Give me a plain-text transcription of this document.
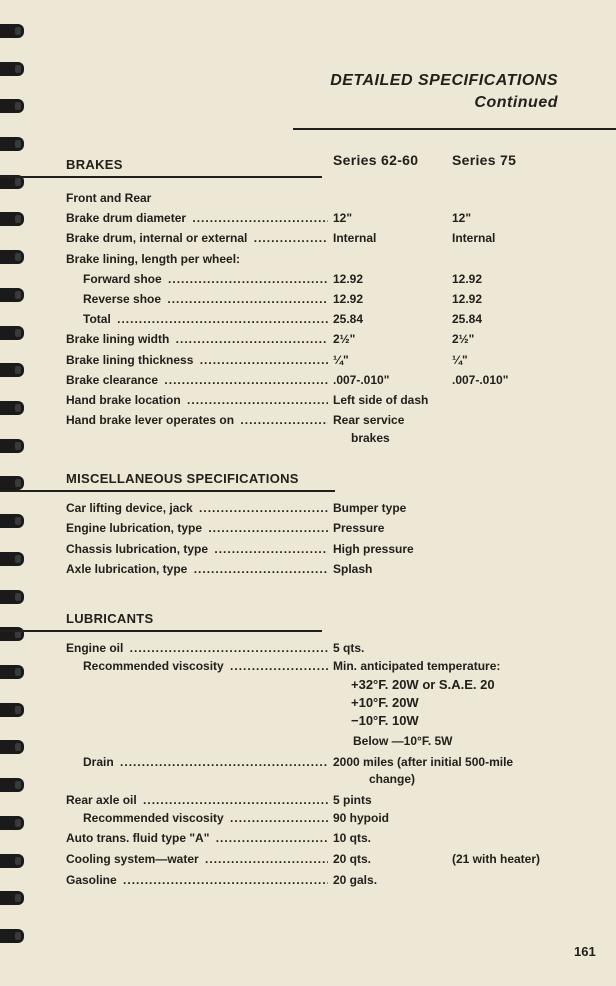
DETAILED SPECIFICATIONS
Continued
BRAKES	Series 62-60 Series 75
Front and Rear
Brake drum diameter .....	12"	12"
Brake drum, internal or external .....	Internal	Internal
Brake lining, length per wheel:
Forward shoe .....	12.92	12.92
Reverse shoe .....	12.92	12.92
Total .....	25.84	25.84
Brake lining width .....	2½"	2½"
Brake lining thickness .....	¼"	¼"
Brake clearance .....	.007-.010"	.007-.010"
Hand brake location .....	Left side of dash
Hand brake lever operates on .....	Rear service
brakes
MISCELLANEOUS SPECIFICATIONS
Car lifting device, jack .....	Bumper type
Engine lubrication, type .....	Pressure
Chassis lubrication, type .....	High pressure
Axle lubrication, type .....	Splash
LUBRICANTS
Engine oil .....	5 qts.
Recommended viscosity .....	Min. anticipated temperature:
+32°F. 20W or S.A.E. 20
+10°F. 20W
−10°F. 10W
Below —10°F. 5W
Drain .....	2000 miles (after initial 500-mile
change)
Rear axle oil .....	5 pints
Recommended viscosity .....	90 hypoid
Auto trans. fluid type "A" .....	10 qts.
Cooling system—water .....	20 qts.	(21 with heater)
Gasoline .....	20 gals.
161
